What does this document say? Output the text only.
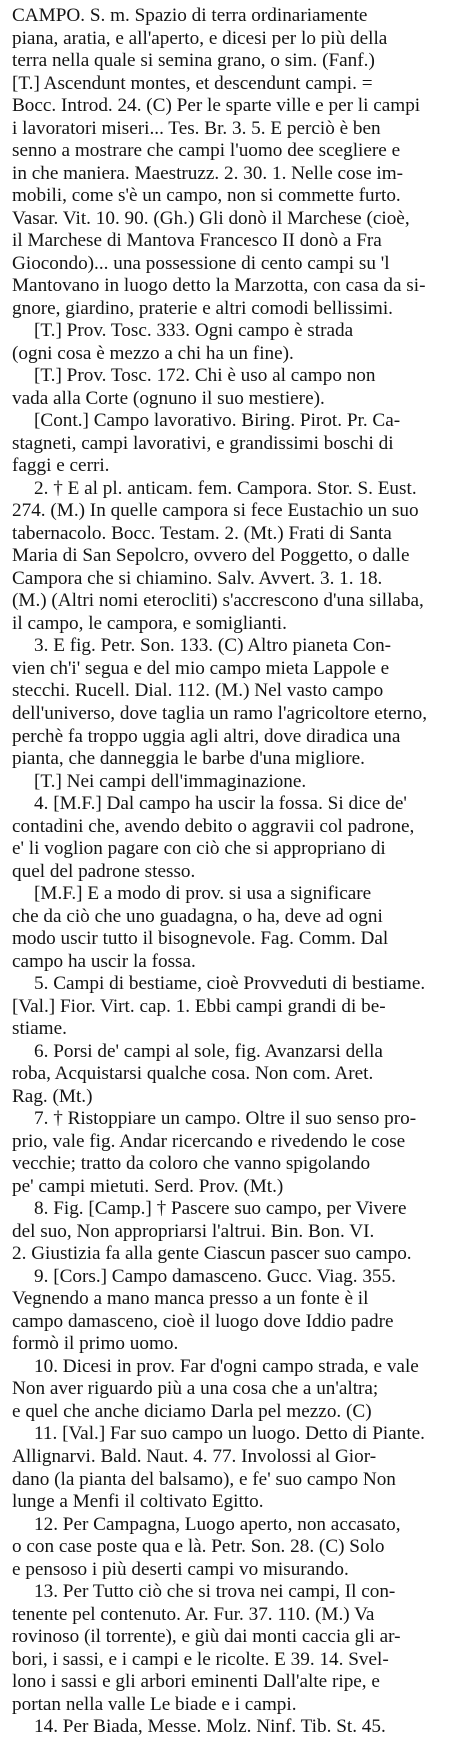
CAMPO. S. m. Spazio di terra ordinariamente
piana, aratia, e all'aperto, e dicesi per lo più della
terra nella quale si semina grano, o sim. (Fanf.)
[T.] Ascendunt montes, et descendunt campi. =
Bocc. Introd. 24. (C) Per le sparte ville e per li campi
i lavoratori miseri... Tes. Br. 3. 5. E perciò è ben
senno a mostrare che campi l'uomo dee scegliere e
in che maniera. Maestruzz. 2. 30. 1. Nelle cose im-
mobili, come s'è un campo, non si commette furto.
Vasar. Vit. 10. 90. (Gh.) Gli donò il Marchese (cioè,
il Marchese di Mantova Francesco II donò a Fra
Giocondo)... una possessione di cento campi su 'l
Mantovano in luogo detto la Marzotta, con casa da si-
gnore, giardino, praterie e altri comodi bellissimi.
[T.] Prov. Tosc. 333. Ogni campo è strada
(ogni cosa è mezzo a chi ha un fine).
[T.] Prov. Tosc. 172. Chi è uso al campo non
vada alla Corte (ognuno il suo mestiere).
[Cont.] Campo lavorativo. Biring. Pirot. Pr. Ca-
stagneti, campi lavorativi, e grandissimi boschi di
faggi e cerri.
2. † E al pl. anticam. fem. Campora. Stor. S. Eust.
274. (M.) In quelle campora si fece Eustachio un suo
tabernacolo. Bocc. Testam. 2. (Mt.) Frati di Santa
Maria di San Sepolcro, ovvero del Poggetto, o dalle
Campora che si chiamino. Salv. Avvert. 3. 1. 18.
(M.) (Altri nomi eterocliti) s'accrescono d'una sillaba,
il campo, le campora, e somiglianti.
3. E fig. Petr. Son. 133. (C) Altro pianeta Con-
vien ch'i' segua e del mio campo mieta Lappole e
stecchi. Rucell. Dial. 112. (M.) Nel vasto campo
dell'universo, dove taglia un ramo l'agricoltore eterno,
perchè fa troppo uggia agli altri, dove diradica una
pianta, che danneggia le barbe d'una migliore.
[T.] Nei campi dell'immaginazione.
4. [M.F.] Dal campo ha uscir la fossa. Si dice de'
contadini che, avendo debito o aggravii col padrone,
e' li voglion pagare con ciò che si appropriano di
quel del padrone stesso.
[M.F.] E a modo di prov. si usa a significare
che da ciò che uno guadagna, o ha, deve ad ogni
modo uscir tutto il bisognevole. Fag. Comm. Dal
campo ha uscir la fossa.
5. Campi di bestiame, cioè Provveduti di bestiame.
[Val.] Fior. Virt. cap. 1. Ebbi campi grandi di be-
stiame.
6. Porsi de' campi al sole, fig. Avanzarsi della
roba, Acquistarsi qualche cosa. Non com. Aret.
Rag. (Mt.)
7. † Ristoppiare un campo. Oltre il suo senso pro-
prio, vale fig. Andar ricercando e rivedendo le cose
vecchie; tratto da coloro che vanno spigolando
pe' campi mietuti. Serd. Prov. (Mt.)
8. Fig. [Camp.] † Pascere suo campo, per Vivere
del suo, Non appropriarsi l'altrui. Bin. Bon. VI.
2. Giustizia fa alla gente Ciascun pascer suo campo.
9. [Cors.] Campo damasceno. Gucc. Viag. 355.
Vegnendo a mano manca presso a un fonte è il
campo damasceno, cioè il luogo dove Iddio padre
formò il primo uomo.
10. Dicesi in prov. Far d'ogni campo strada, e vale
Non aver riguardo più a una cosa che a un'altra;
e quel che anche diciamo Darla pel mezzo. (C)
11. [Val.] Far suo campo un luogo. Detto di Piante.
Allignarvi. Bald. Naut. 4. 77. Involossi al Gior-
dano (la pianta del balsamo), e fe' suo campo Non
lunge a Menfi il coltivato Egitto.
12. Per Campagna, Luogo aperto, non accasato,
o con case poste qua e là. Petr. Son. 28. (C) Solo
e pensoso i più deserti campi vo misurando.
13. Per Tutto ciò che si trova nei campi, Il con-
tenente pel contenuto. Ar. Fur. 37. 110. (M.) Va
rovinoso (il torrente), e giù dai monti caccia gli ar-
bori, i sassi, e i campi e le ricolte. E 39. 14. Svel-
lono i sassi e gli arbori eminenti Dall'alte ripe, e
portan nella valle Le biade e i campi.
14. Per Biada, Messe. Molz. Ninf. Tib. St. 45.
